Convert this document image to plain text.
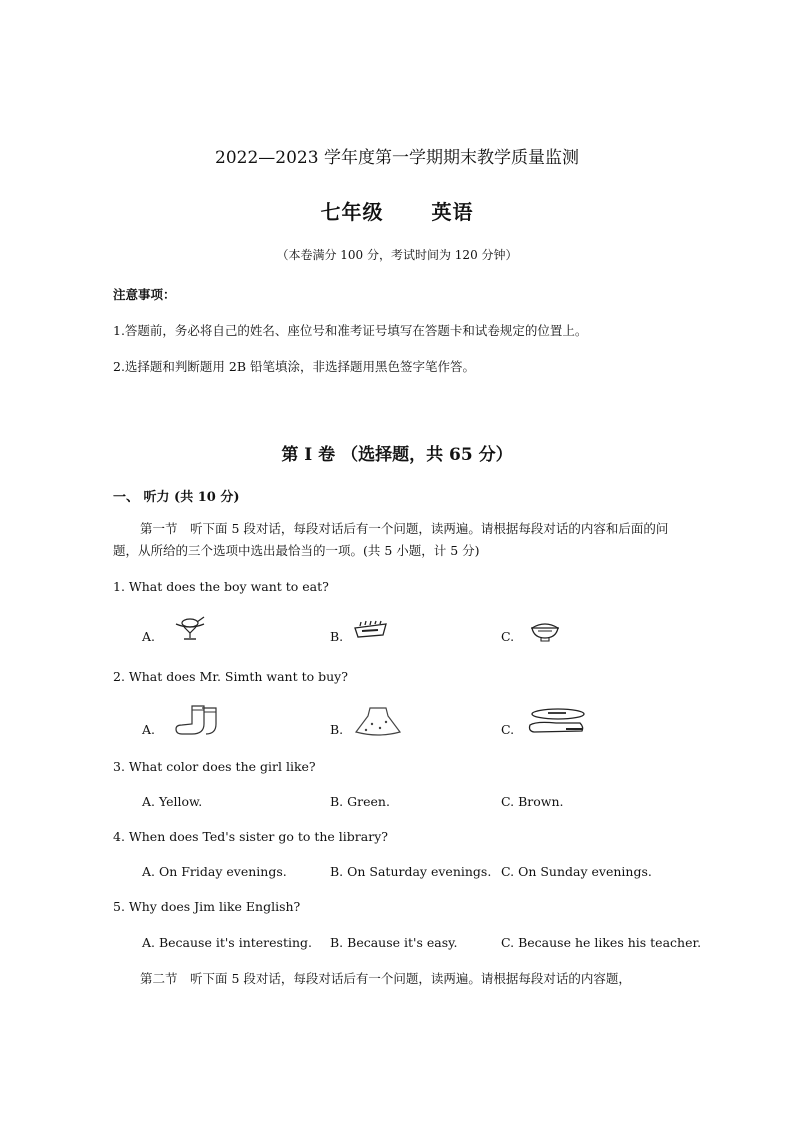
2022—2023 学年度第一学期期末教学质量监测
七年级 英语
（本卷满分 100 分，考试时间为 120 分钟）
注意事项：
1.答题前，务必将自己的姓名、座位号和准考证号填写在答题卡和试卷规定的位置上。
2.选择题和判断题用 2B 铅笔填涂，非选择题用黑色签字笔作答。
第 I 卷 （选择题，共 65 分）
一、 听力 (共 10 分)
第一节　听下面 5 段对话，每段对话后有一个问题，读两遍。请根据每段对话的内容和后面的问题，从所给的三个选项中选出最恰当的一项。(共 5 小题，计 5 分)
1. What does the boy want to eat?
A.	B.	C.
2. What does Mr. Simth want to buy?
A.	B.	C.
3. What color does the girl like?
A. Yellow.	B. Green.	C. Brown.
4. When does Ted's sister go to the library?
A. On Friday evenings.	B. On Saturday evenings. C. On Sunday evenings.
5. Why does Jim like English?
A. Because it's interesting. B. Because it's easy.	C. Because he likes his teacher.
第二节　听下面 5 段对话，每段对话后有一个问题，读两遍。请根据每段对话的内容题，
